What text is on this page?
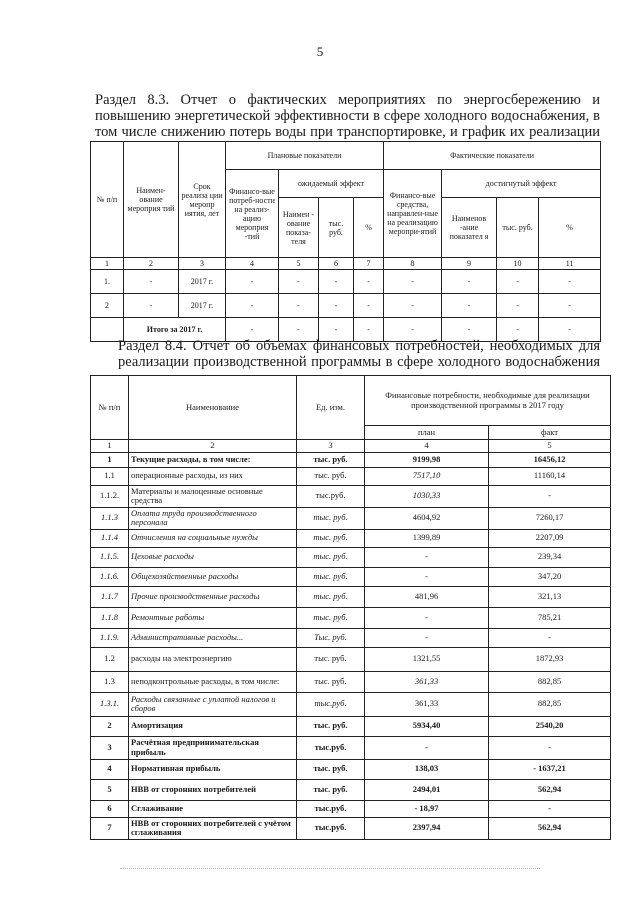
5
Раздел 8.3. Отчет о фактических мероприятиях по энергосбережению и повышению энергетической эффективности в сфере холодного водоснабжения, в том числе снижению потерь воды при транспортировке, и график их реализации
№ п/п	Наимен-ование мероприя тий	Срок реализа ции меропр иятия, лет	Плановые показатели				Фактические показатели			
			Финансо-вые потреб-ности на реализ-ацию мероприя -тий	ожидаемый эффект			Финансо-вые средства, направлен-ные на реализацию меропри-ятий	достигнутый эффект		
				Наимен - ование показа-теля	тыс. руб.	%		Наименов -ание показател я	тыс. руб.	%
1	2	3	4	5	6	7	8	9	10	11
1.	-	2017 г.	-	-	-	-	-	-	-	-
2	-	2017 г.	-	-	-	-	-	-	-	-
	Итого за 2017 г.		-	-	-	-	-	-	-	-
Раздел 8.4. Отчет об объемах финансовых потребностей, необходимых для реализации производственной программы в сфере холодного водоснабжения
№ п/п	Наименование	Ед. изм.	Финансовые потребности, необходимые для реализации производственной программы в 2017 году	
			план	факт
1	2	3	4	5
1	Текущие расходы, в том числе:	тыс. руб.	9199,98	16456,12
1.1	операционные расходы, из них	тыс. руб.	7517,10	11160,14
1.1.2.	Материалы и малоценные основные средства	тыс.руб.	1030,33	-
1.1.3	Оплата труда производственного персонала	тыс. руб.	4604,92	7260,17
1.1.4	Отчисления на социальные нужды	тыс. руб.	1399,89	2207,09
1.1.5.	Цеховые расходы	тыс. руб.	-	239,34
1.1.6.	Общехозяйственные расходы	тыс. руб.	-	347,20
1.1.7	Прочие производственные расходы	тыс. руб.	481,96	321,13
1.1.8	Ремонтные работы	тыс. руб.	-	785,21
1.1.9.	Административные расходы...	Тыс. руб.	-	-
1.2	расходы на электроэнергию	тыс. руб.	1321,55	1872,93
1.3	неподконтрольные расходы, в том числе:	тыс. руб.	361,33	882,85
1.3.1.	Расходы связанные с уплатой налогов и сборов	тыс.руб.	361,33	882,85
2	Амортизация	тыс. руб.	5934,40	2540,20
3	Расчётная предпринимательская прибыль	тыс.руб.	-	-
4	Нормативная прибыль	тыс. руб.	138,03	- 1637,21
5	НВВ от сторонних потребителей	тыс. руб.	2494,01	562,94
6	Сглаживание	тыс.руб.	- 18,97	-
7	НВВ от сторонних потребителей с учётом сглаживания	тыс.руб.	2397,94	562,94
